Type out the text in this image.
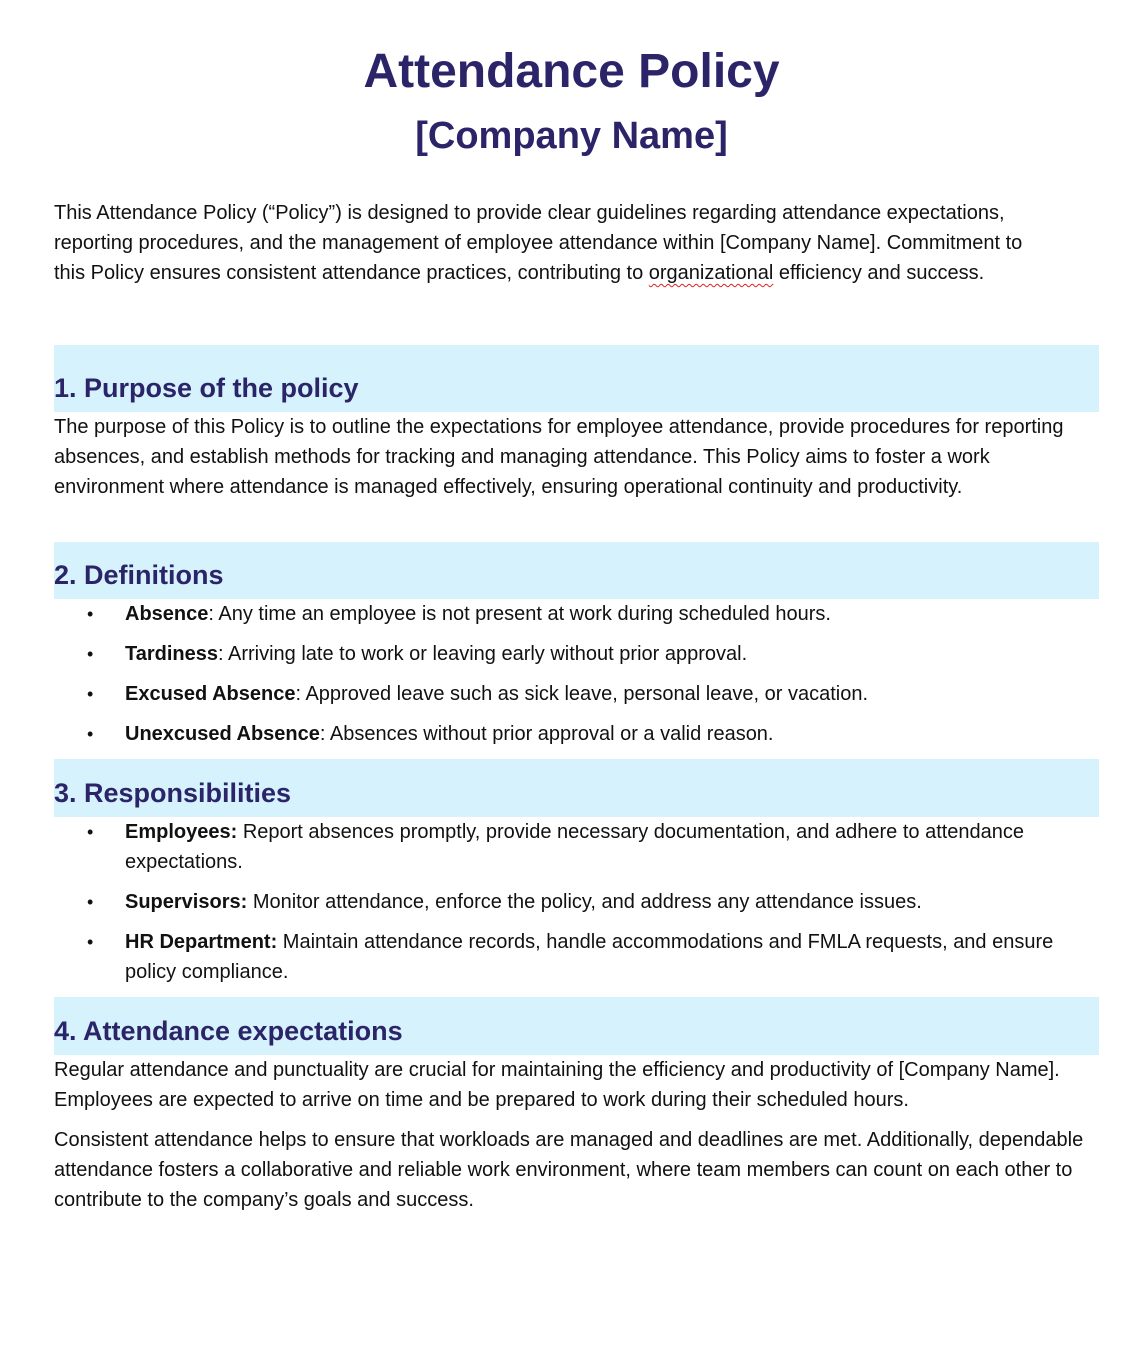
Attendance Policy
[Company Name]

This Attendance Policy (“Policy”) is designed to provide clear guidelines regarding attendance expectations, reporting procedures, and the management of employee attendance within [Company Name]. Commitment to this Policy ensures consistent attendance practices, contributing to organizational efficiency and success.

1. Purpose of the policy

The purpose of this Policy is to outline the expectations for employee attendance, provide procedures for reporting absences, and establish methods for tracking and managing attendance. This Policy aims to foster a work environment where attendance is managed effectively, ensuring operational continuity and productivity.

2. Definitions
• Absence: Any time an employee is not present at work during scheduled hours.
• Tardiness: Arriving late to work or leaving early without prior approval.
• Excused Absence: Approved leave such as sick leave, personal leave, or vacation.
• Unexcused Absence: Absences without prior approval or a valid reason.
3. Responsibilities
• Employees: Report absences promptly, provide necessary documentation, and adhere to attendance expectations.
• Supervisors: Monitor attendance, enforce the policy, and address any attendance issues.
• HR Department: Maintain attendance records, handle accommodations and FMLA requests, and ensure policy compliance.
4. Attendance expectations

Regular attendance and punctuality are crucial for maintaining the efficiency and productivity of [Company Name]. Employees are expected to arrive on time and be prepared to work during their scheduled hours.

Consistent attendance helps to ensure that workloads are managed and deadlines are met. Additionally, dependable attendance fosters a collaborative and reliable work environment, where team members can count on each other to contribute to the company’s goals and success.
